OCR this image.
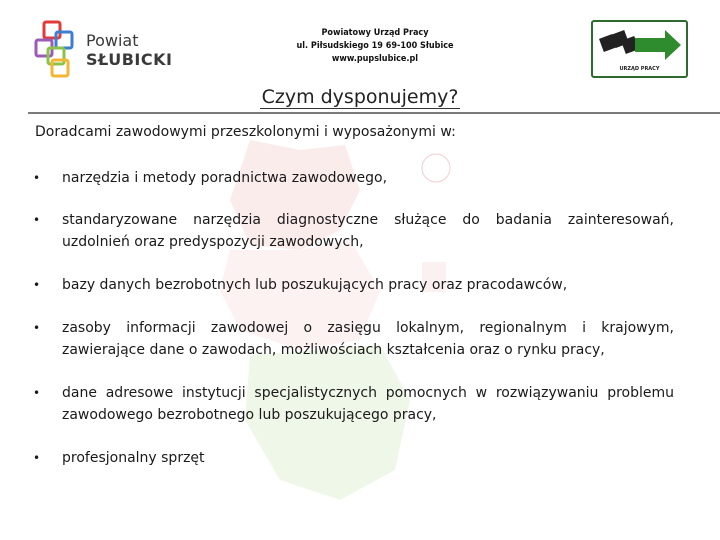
Powiat
SŁUBICKI
Powiatowy Urząd Pracy
ul. Piłsudskiego 19 69-100 Słubice
www.pupslubice.pl
URZĄD PRACY
Czym dysponujemy?
Doradcami zawodowymi przeszkolonymi i wyposażonymi w:
• narzędzia i metody poradnictwa zawodowego,
• standaryzowane narzędzia diagnostyczne służące do badania zainteresowań, uzdolnień oraz predyspozycji zawodowych,
• bazy danych bezrobotnych lub poszukujących pracy oraz pracodawców,
• zasoby informacji zawodowej o zasięgu lokalnym, regionalnym i krajowym, zawierające dane o zawodach, możliwościach kształcenia oraz o rynku pracy,
• dane adresowe instytucji specjalistycznych pomocnych w rozwiązywaniu problemu zawodowego bezrobotnego lub poszukującego pracy,
• profesjonalny sprzęt
